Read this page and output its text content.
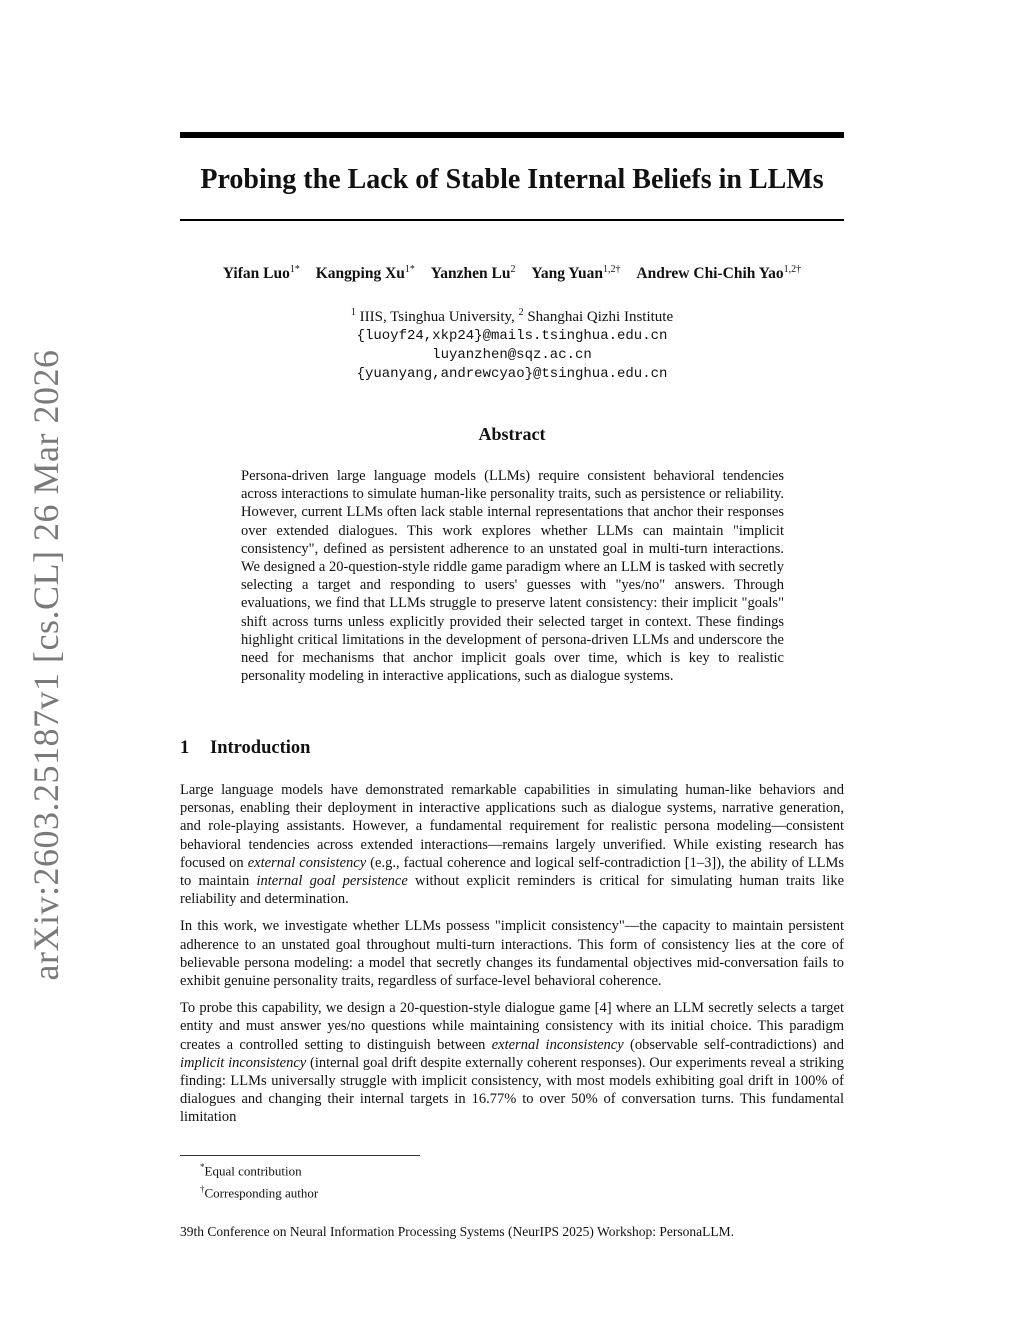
arXiv:2603.25187v1 [cs.CL] 26 Mar 2026
Probing the Lack of Stable Internal Beliefs in LLMs
Yifan Luo$^{1*}$ Kangping $Xu^{1*}$ Yanzhen Lu$^2$ Yang Yuan$^{1,2\dagger}$ Andrew Chi-Chih Yao$^{1,2\dagger}$
$^1$ IIIS, Tsinghua University, $^2$ Shanghai Qizhi Institute
{luoyf24,xkp24}@mails.tsinghua.edu.cn
luyanzhen@sqz.ac.cn
{yuanyang,andrewcyao}@tsinghua.edu.cn
Abstract
Persona-driven large language models (LLMs) require consistent behavioral tendencies across interactions to simulate human-like personality traits, such as persistence or reliability. However, current LLMs often lack stable internal representations that anchor their responses over extended dialogues. This work explores whether LLMs can maintain "implicit consistency", defined as persistent adherence to an unstated goal in multi-turn interactions. We designed a 20-question-style riddle game paradigm where an LLM is tasked with secretly selecting a target and responding to users' guesses with "yes/no" answers. Through evaluations, we find that LLMs struggle to preserve latent consistency: their implicit "goals" shift across turns unless explicitly provided their selected target in context. These findings highlight critical limitations in the development of persona-driven LLMs and underscore the need for mechanisms that anchor implicit goals over time, which is key to realistic personality modeling in interactive applications, such as dialogue systems.
1 Introduction

Large language models have demonstrated remarkable capabilities in simulating human-like behaviors and personas, enabling their deployment in interactive applications such as dialogue systems, narrative generation, and role-playing assistants. However, a fundamental requirement for realistic persona modeling—consistent behavioral tendencies across extended interactions—remains largely unverified. While existing research has focused on external consistency (e.g., factual coherence and logical self-contradiction [1–3]), the ability of LLMs to maintain internal goal persistence without explicit reminders is critical for simulating human traits like reliability and determination.

In this work, we investigate whether LLMs possess "implicit consistency"—the capacity to maintain persistent adherence to an unstated goal throughout multi-turn interactions. This form of consistency lies at the core of believable persona modeling: a model that secretly changes its fundamental objectives mid-conversation fails to exhibit genuine personality traits, regardless of surface-level behavioral coherence.

To probe this capability, we design a 20-question-style dialogue game [4] where an LLM secretly selects a target entity and must answer yes/no questions while maintaining consistency with its initial choice. This paradigm creates a controlled setting to distinguish between external inconsistency (observable self-contradictions) and implicit inconsistency (internal goal drift despite externally coherent responses). Our experiments reveal a striking finding: LLMs universally struggle with implicit consistency, with most models exhibiting goal drift in 100% of dialogues and changing their internal targets in 16.77% to over 50% of conversation turns. This fundamental limitation

*Equal contribution
†Corresponding author
39th Conference on Neural Information Processing Systems (NeurIPS 2025) Workshop: PersonaLLM.
